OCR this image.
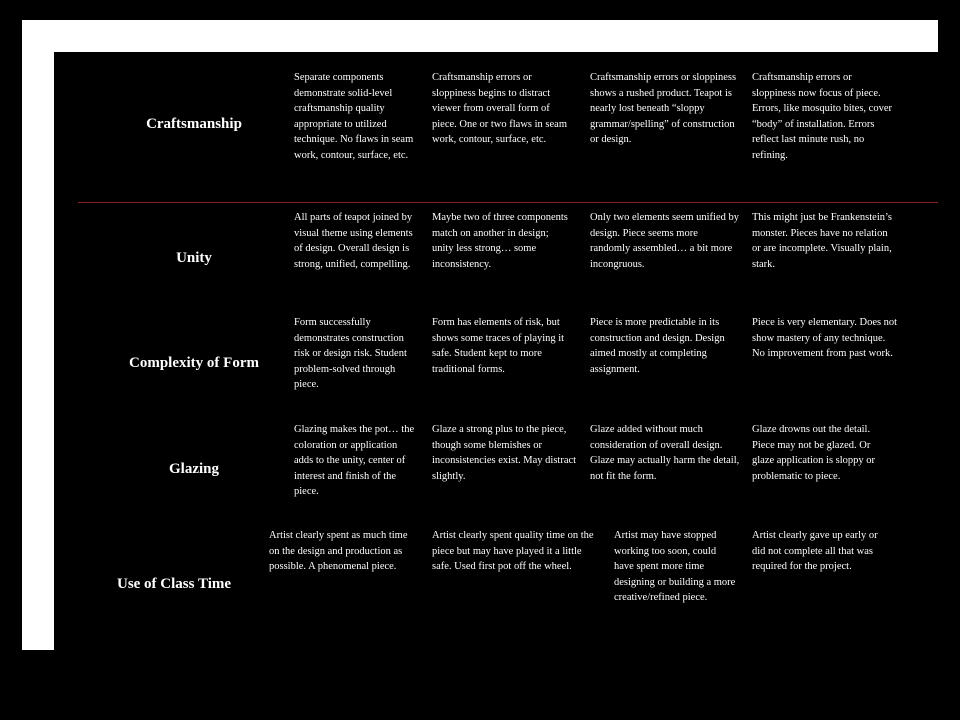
Craftsmanship
Separate components demonstrate solid-level craftsmanship quality appropriate to utilized technique. No flaws in seam work, contour, surface, etc.
Craftsmanship errors or sloppiness begins to distract viewer from overall form of piece. One or two flaws in seam work, contour, surface, etc.
Craftsmanship errors or sloppiness shows a rushed product. Teapot is nearly lost beneath “sloppy grammar/spelling” of construction or design.
Craftsmanship errors or sloppiness now focus of piece. Errors, like mosquito bites, cover “body” of installation. Errors reflect last minute rush, no refining.
Unity
All parts of teapot joined by visual theme using elements of design. Overall design is strong, unified, compelling.
Maybe two of three components match on another in design; unity less strong… some inconsistency.
Only two elements seem unified by design. Piece seems more randomly assembled… a bit more incongruous.
This might just be Frankenstein’s monster. Pieces have no relation or are incomplete. Visually plain, stark.
Complexity of Form
Form successfully demonstrates construction risk or design risk. Student problem-solved through piece.
Form has elements of risk, but shows some traces of playing it safe. Student kept to more traditional forms.
Piece is more predictable in its construction and design. Design aimed mostly at completing assignment.
Piece is very elementary. Does not show mastery of any technique. No improvement from past work.
Glazing
Glazing makes the pot… the coloration or application adds to the unity, center of interest and finish of the piece.
Glaze a strong plus to the piece, though some blemishes or inconsistencies exist. May distract slightly.
Glaze added without much consideration of overall design. Glaze may actually harm the detail, not fit the form.
Glaze drowns out the detail. Piece may not be glazed. Or glaze application is sloppy or problematic to piece.
Use of Class Time
Artist clearly spent as much time on the design and production as possible. A phenomenal piece.
Artist clearly spent quality time on the piece but may have played it a little safe. Used first pot off the wheel.
Artist may have stopped working too soon, could have spent more time designing or building a more creative/refined piece.
Artist clearly gave up early or did not complete all that was required for the project.
